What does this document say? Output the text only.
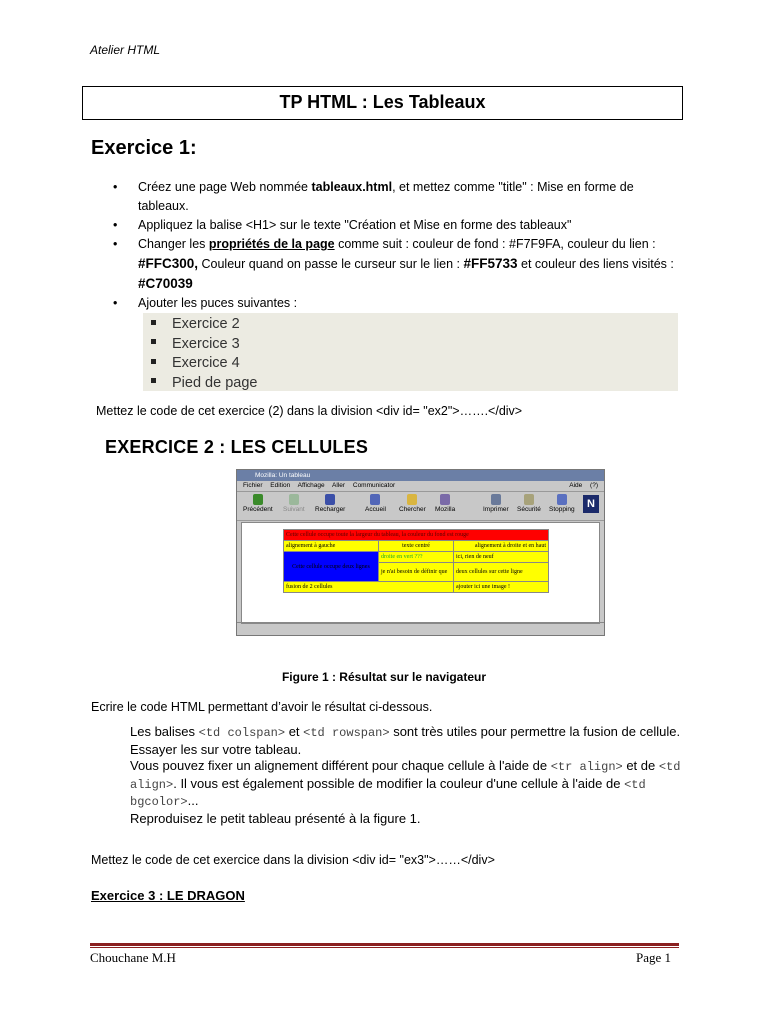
Atelier HTML
TP HTML : Les Tableaux
Exercice 1:
• Créez une page Web nommée tableaux.html, et mettez comme "title" : Mise en forme de tableaux.
• Appliquez la balise <H1> sur le texte "Création et Mise en forme des tableaux"
• Changer les propriétés de la page comme suit : couleur de fond : #F7F9FA, couleur du lien : #FFC300, Couleur quand on passe le curseur sur le lien : #FF5733 et couleur des liens visités : #C70039
• Ajouter les puces suivantes :
Exercice 2
Exercice 3
Exercice 4
Pied de page
Mettez le code de cet exercice (2) dans la division <div id= "ex2">…….</div>
EXERCICE 2 : LES CELLULES
Mozilla: Un tableau
Fichier Edition Affichage Aller Communicator	Aide (?)
Précédent Suivant Recharger	Accueil Chercher Mozilla	Imprimer Sécurité Stopping	N
Cette cellule occupe toute la largeur du tableau, la couleur du fond est rouge		
alignement à gauche	texte centré	alignement à droite et en haut
Cette cellule occupe deux lignes	droite en vert ???	ici, rien de neuf
	je n'ai besoin de définir que	deux cellules sur cette ligne
fusion de 2 cellules		ajouter ici une image !
Figure 1 : Résultat sur le navigateur
Ecrire le code HTML permettant d’avoir le résultat ci-dessous.
Les balises <td colspan> et <td rowspan> sont très utiles pour permettre la fusion de cellule. Essayer les sur votre tableau.
Vous pouvez fixer un alignement différent pour chaque cellule à l'aide de <tr align> et de <td align>. Il vous est également possible de modifier la couleur d'une cellule à l'aide de <td bgcolor>...
Reproduisez le petit tableau présenté à la figure 1.
Mettez le code de cet exercice dans la division <div id= "ex3">……</div>
Exercice 3 : LE DRAGON
Chouchane M.H	Page 1
